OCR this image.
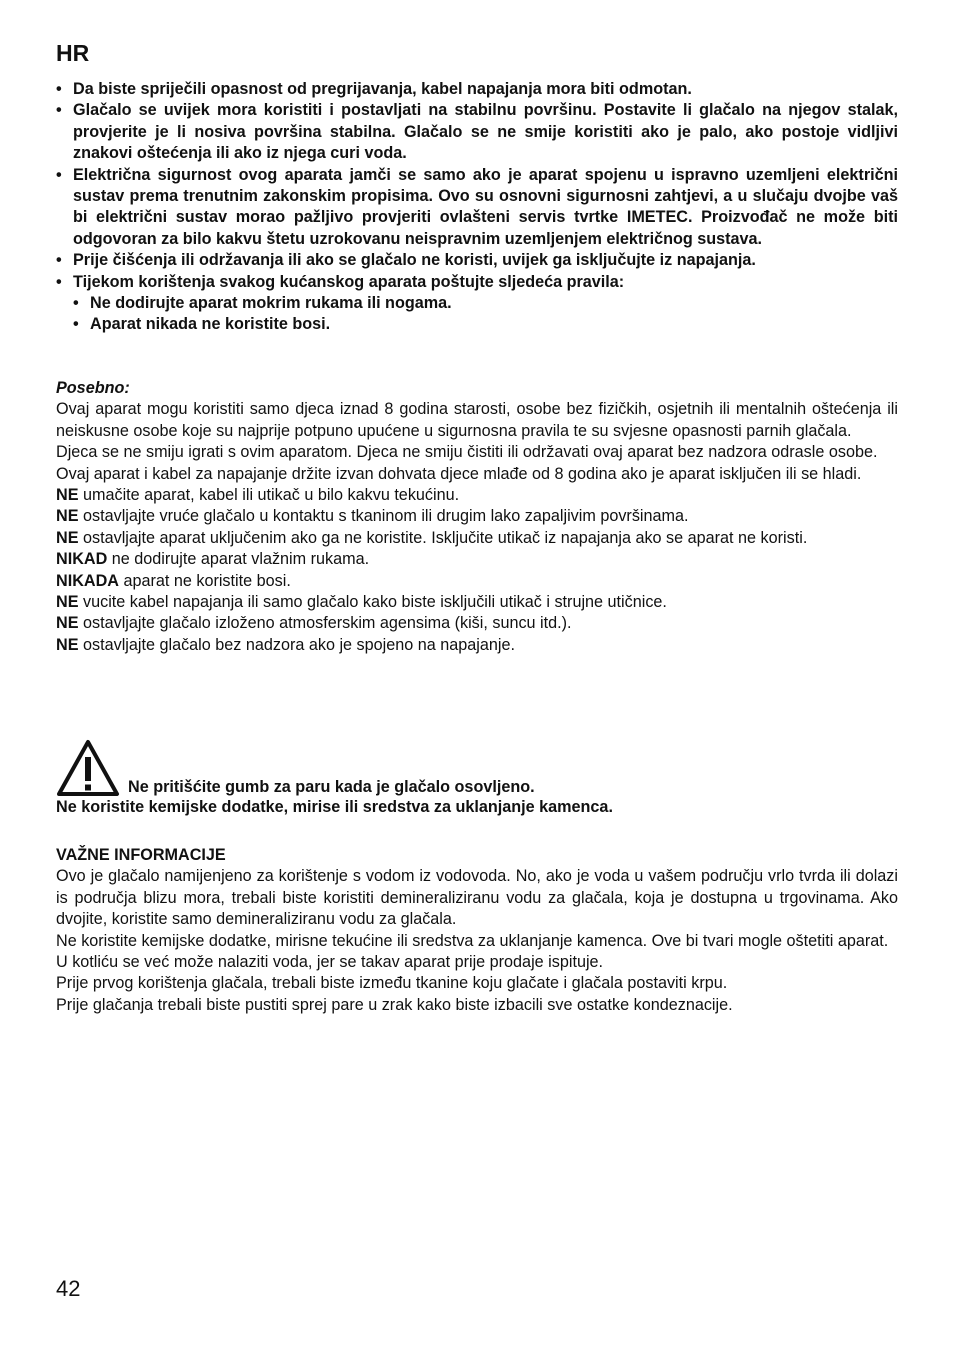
HR
• Da biste spriječili opasnost od pregrijavanja, kabel napajanja mora biti odmotan.
• Glačalo se uvijek mora koristiti i postavljati na stabilnu površinu. Postavite li glačalo na njegov stalak, provjerite je li nosiva površina stabilna. Glačalo se ne smije koristiti ako je palo, ako postoje vidljivi znakovi oštećenja ili ako iz njega curi voda.
• Električna sigurnost ovog aparata jamči se samo ako je aparat spojenu u ispravno uzemljeni električni sustav prema trenutnim zakonskim propisima. Ovo su osnovni sigurnosni zahtjevi, a u slučaju dvojbe vaš bi električni sustav morao pažljivo provjeriti ovlašteni servis tvrtke IMETEC. Proizvođač ne može biti odgovoran za bilo kakvu štetu uzrokovanu neispravnim uzemljenjem električnog sustava.
• Prije čišćenja ili održavanja ili ako se glačalo ne koristi, uvijek ga isključujte iz napajanja.
• Tijekom korištenja svakog kućanskog aparata poštujte sljedeća pravila:
• Ne dodirujte aparat mokrim rukama ili nogama.
• Aparat nikada ne koristite bosi.

Posebno:

Ovaj aparat mogu koristiti samo djeca iznad 8 godina starosti, osobe bez fizičkih, osjetnih ili mentalnih oštećenja ili neiskusne osobe koje su najprije potpuno upućene u sigurnosna pravila te su svjesne opasnosti parnih glačala.

Djeca se ne smiju igrati s ovim aparatom. Djeca ne smiju čistiti ili održavati ovaj aparat bez nadzora odrasle osobe.

Ovaj aparat i kabel za napajanje držite izvan dohvata djece mlađe od 8 godina ako je aparat isključen ili se hladi.

NE umačite aparat, kabel ili utikač u bilo kakvu tekućinu.

NE ostavljajte vruće glačalo u kontaktu s tkaninom ili drugim lako zapaljivim površinama.

NE ostavljajte aparat uključenim ako ga ne koristite. Isključite utikač iz napajanja ako se aparat ne koristi.

NIKAD ne dodirujte aparat vlažnim rukama.

NIKADA aparat ne koristite bosi.

NE vucite kabel napajanja ili samo glačalo kako biste isključili utikač i strujne utičnice.

NE ostavljajte glačalo izloženo atmosferskim agensima (kiši, suncu itd.).

NE ostavljajte glačalo bez nadzora ako je spojeno na napajanje.

Ne pritišćite gumb za paru kada je glačalo osovljeno.
Ne koristite kemijske dodatke, mirise ili sredstva za uklanjanje kamenca.

VAŽNE INFORMACIJE

Ovo je glačalo namijenjeno za korištenje s vodom iz vodovoda. No, ako je voda u vašem području vrlo tvrda ili dolazi is područja blizu mora, trebali biste koristiti demineraliziranu vodu za glačala, koja je dostupna u trgovinama. Ako dvojite, koristite samo demineraliziranu vodu za glačala.

Ne koristite kemijske dodatke, mirisne tekućine ili sredstva za uklanjanje kamenca. Ove bi tvari mogle oštetiti aparat.

U kotliću se već može nalaziti voda, jer se takav aparat prije prodaje ispituje.

Prije prvog korištenja glačala, trebali biste između tkanine koju glačate i glačala postaviti krpu.

Prije glačanja trebali biste pustiti sprej pare u zrak kako biste izbacili sve ostatke kondeznacije.

42
